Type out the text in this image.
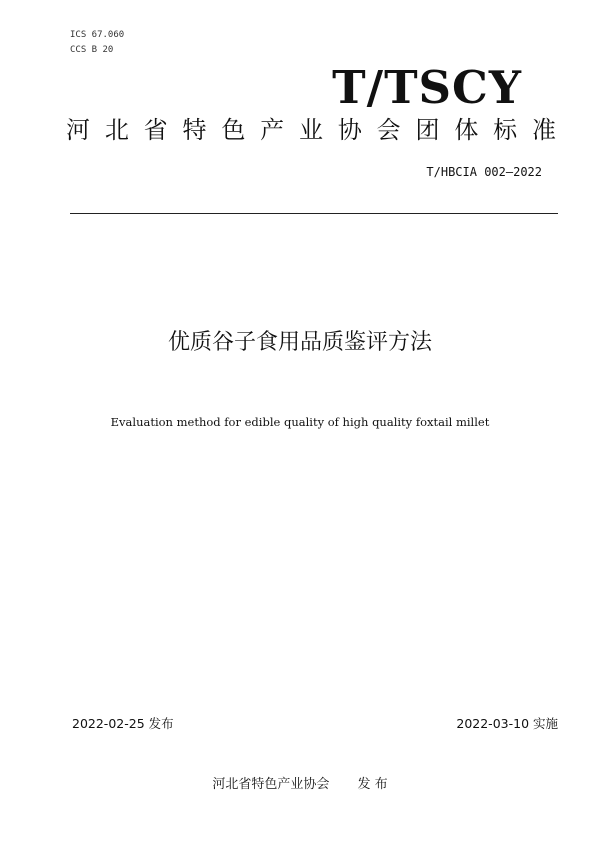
ICS 67.060
CCS B 20
T/TSCY
河北省特色产业协会团体标准
T/HBCIA 002—2022
优质谷子食用品质鉴评方法
Evaluation method for edible quality of high quality foxtail millet
2022-02-25 发布	2022-03-10 实施
河北省特色产业协会 发 布
